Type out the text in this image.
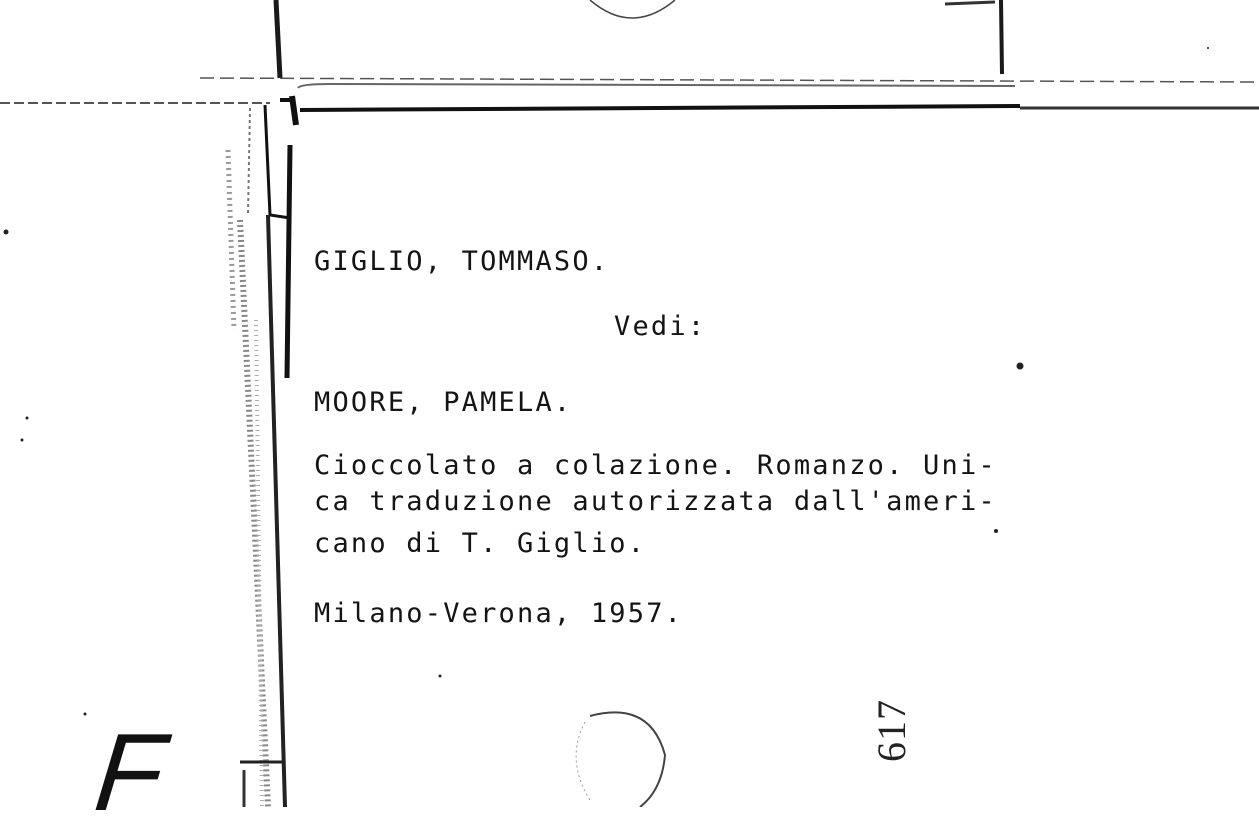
GIGLIO, TOMMASO.
Vedi:
MOORE, PAMELA.
Cioccolato a colazione. Romanzo. Uni-
ca traduzione autorizzata dall'ameri-
cano di T. Giglio.
Milano-Verona, 1957.
F	617
